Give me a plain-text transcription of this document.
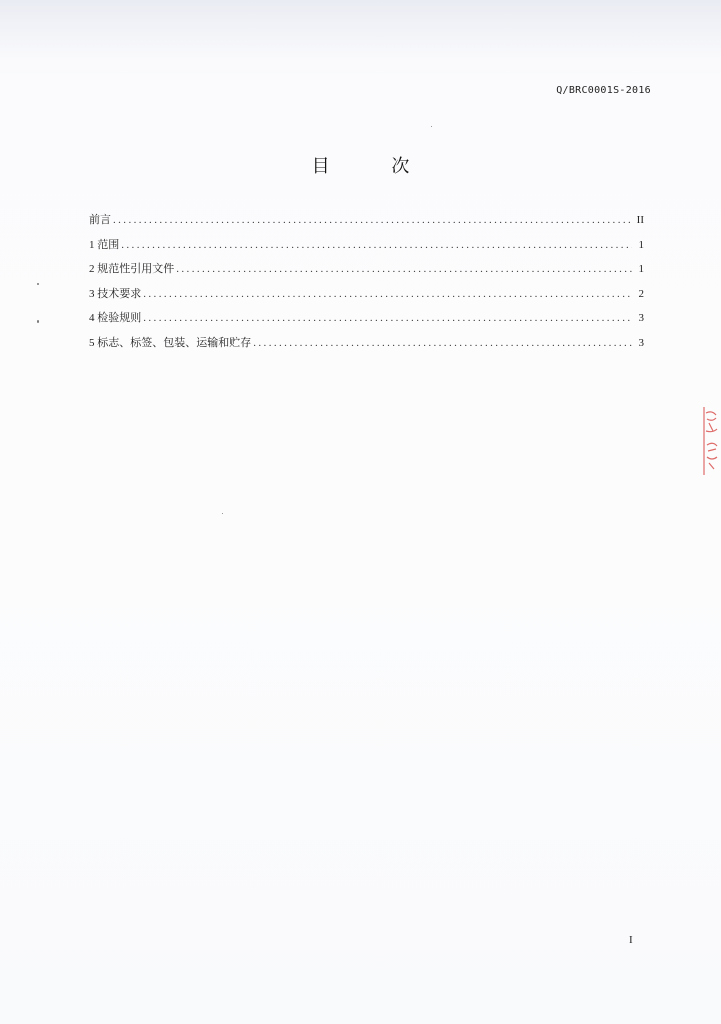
Q/BRC0001S-2016
目 次
前言 .....	II
1 范围 .....	1
2 规范性引用文件 .....	1
3 技术要求 .....	2
4 检验规则 .....	3
5 标志、标签、包装、运输和贮存 .....	3
I
